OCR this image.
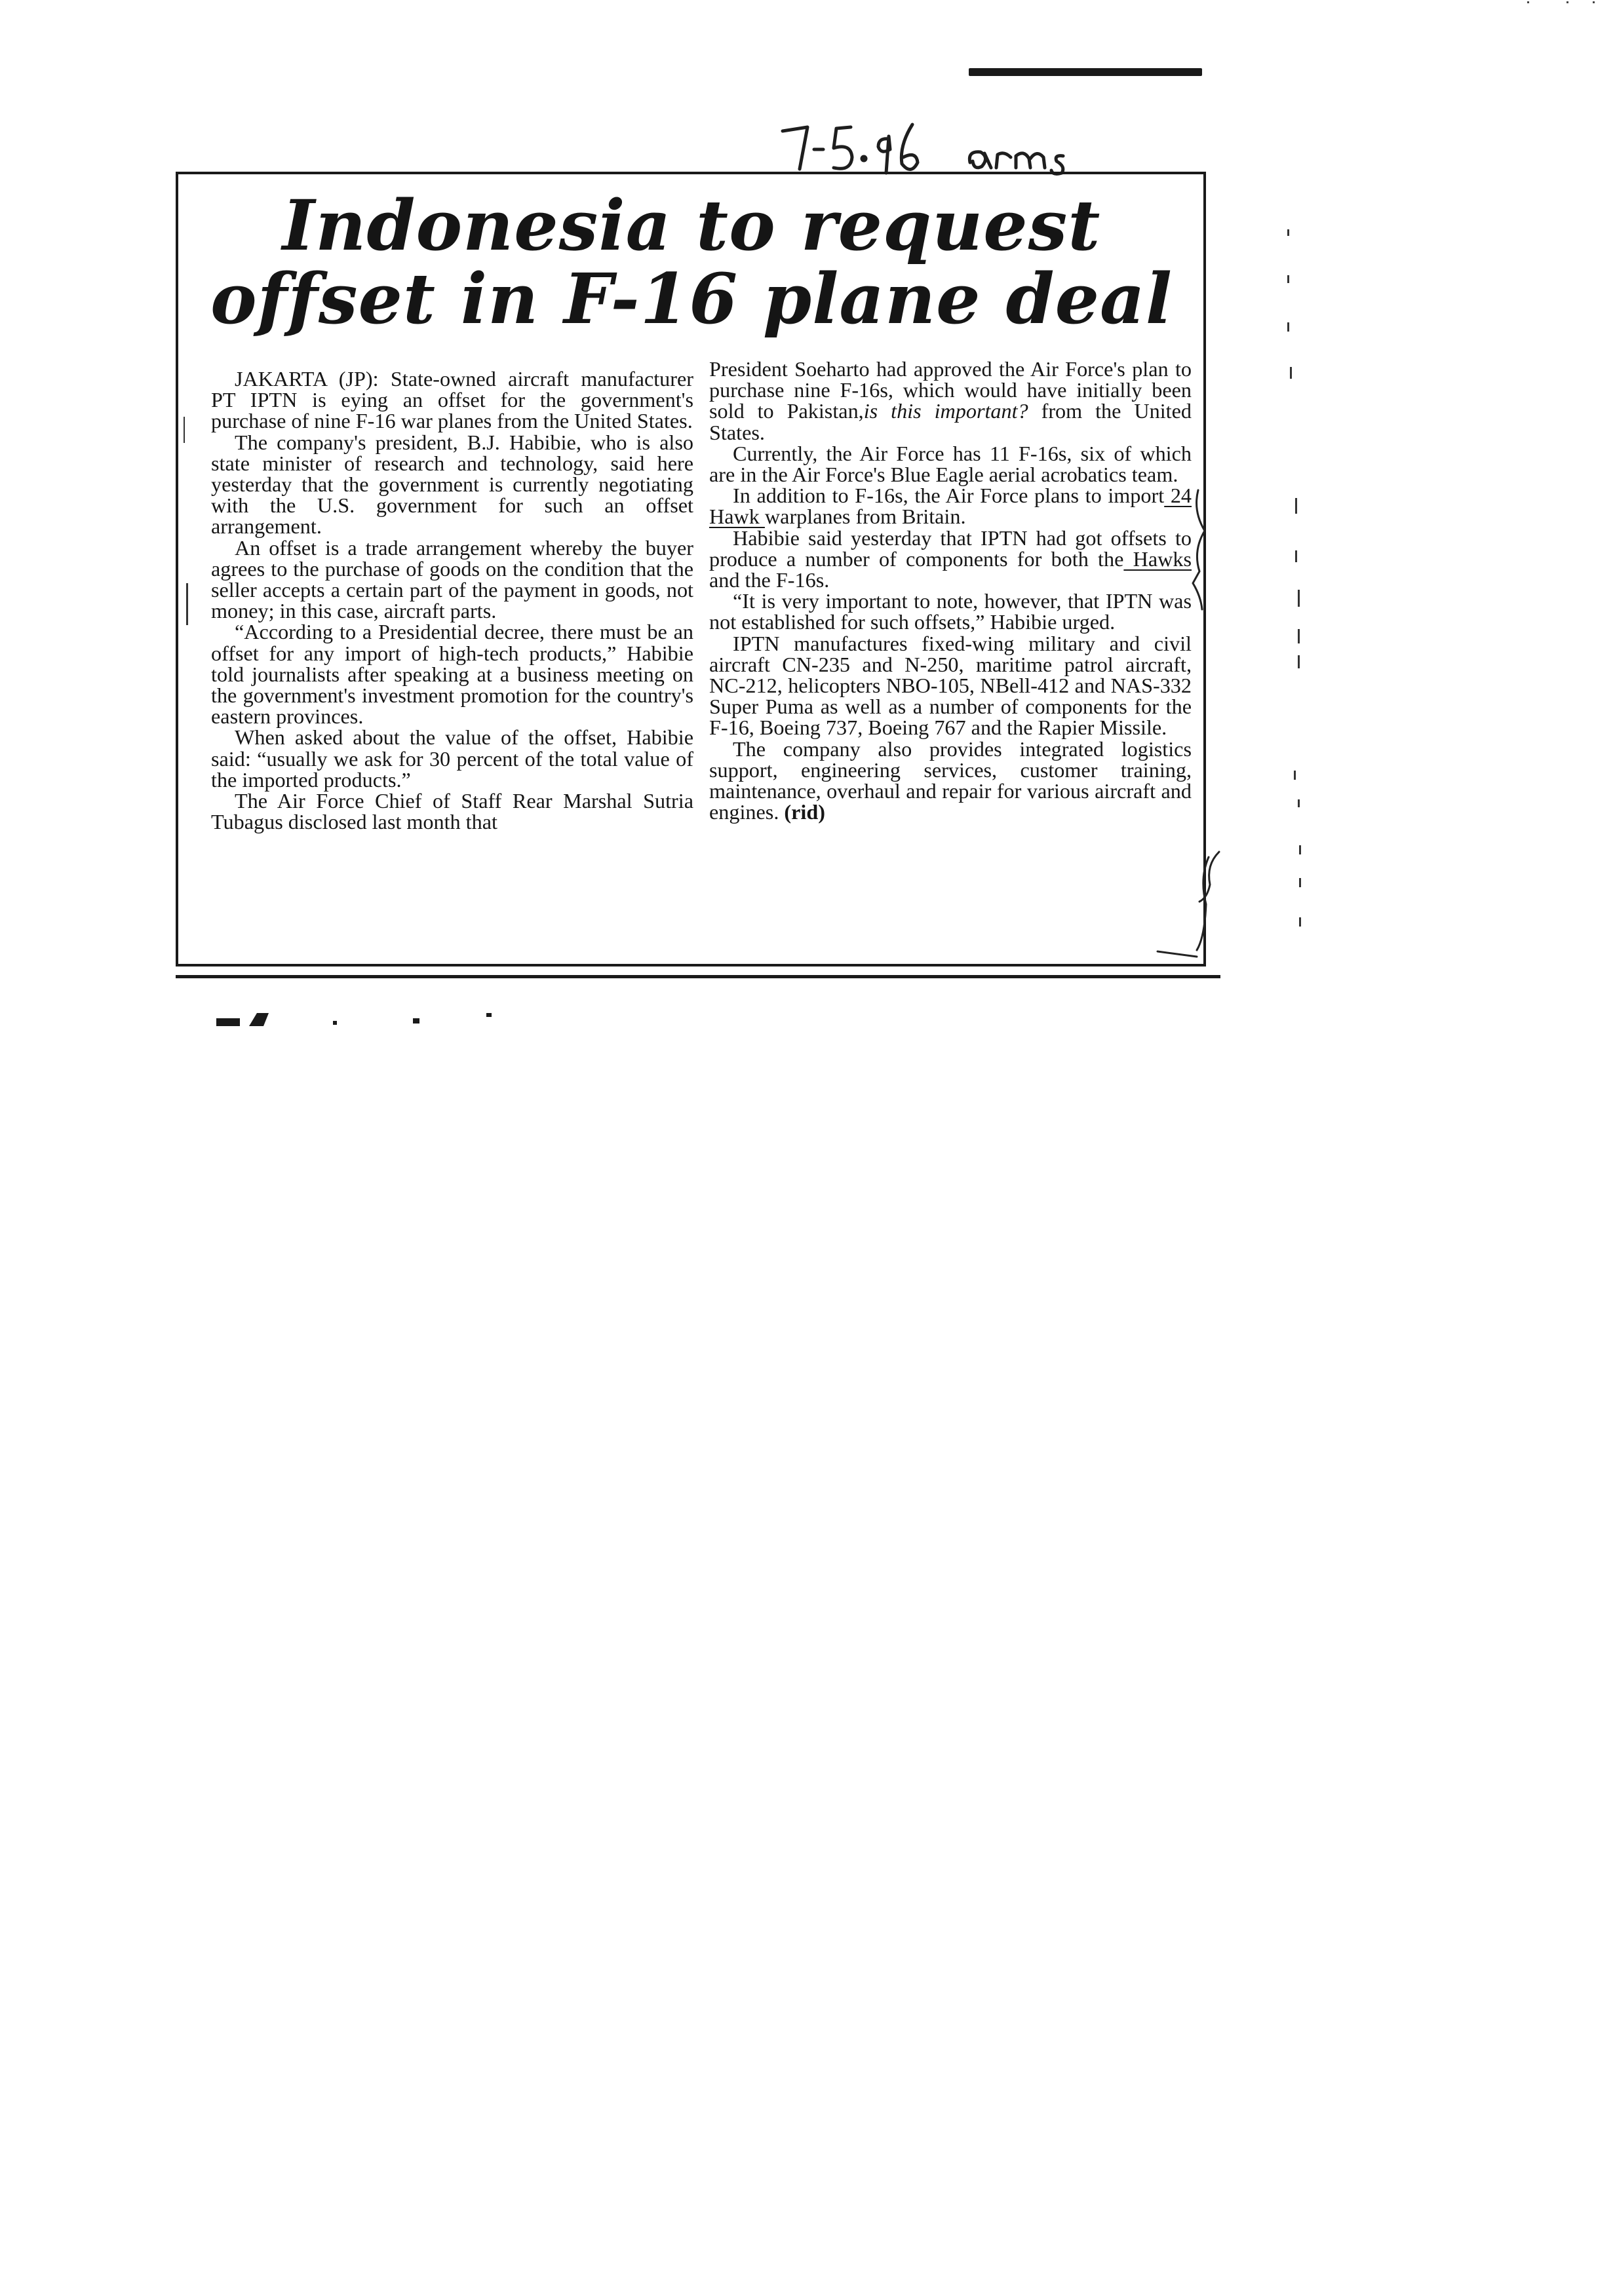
Indonesia to request
offset in F-16 plane deal

JAKARTA (JP): State-owned aircraft manufacturer PT IPTN is eying an offset for the government's purchase of nine F-16 war planes from the United States.

The company's president, B.J. Habibie, who is also state minister of research and technology, said here yesterday that the government is currently negotiating with the U.S. government for such an offset arrangement.

An offset is a trade arrangement whereby the buyer agrees to the purchase of goods on the condition that the seller accepts a certain part of the payment in goods, not money; in this case, aircraft parts.

“According to a Presidential decree, there must be an offset for any import of high-tech products,” Habibie told journalists after speaking at a business meeting on the government's investment promotion for the country's eastern provinces.

When asked about the value of the offset, Habibie said: “usually we ask for 30 percent of the total value of the imported products.”

The Air Force Chief of Staff Rear Marshal Sutria Tubagus disclosed last month that

President Soeharto had approved the Air Force's plan to purchase nine F-16s, which would have initially been sold to Pakistan,is this important? from the United States.

Currently, the Air Force has 11 F-16s, six of which are in the Air Force's Blue Eagle aerial acrobatics team.

In addition to F-16s, the Air Force plans to import 24 Hawk warplanes from Britain.

Habibie said yesterday that IPTN had got offsets to produce a number of components for both the Hawks and the F-16s.

“It is very important to note, however, that IPTN was not established for such offsets,” Habibie urged.

IPTN manufactures fixed-wing military and civil aircraft CN-235 and N-250, maritime patrol aircraft, NC-212, helicopters NBO-105, NBell-412 and NAS-332 Super Puma as well as a number of components for the F-16, Boeing 737, Boeing 767 and the Rapier Missile.

The company also provides integrated logistics support, engineering services, customer training, maintenance, overhaul and repair for various aircraft and engines. (rid)
